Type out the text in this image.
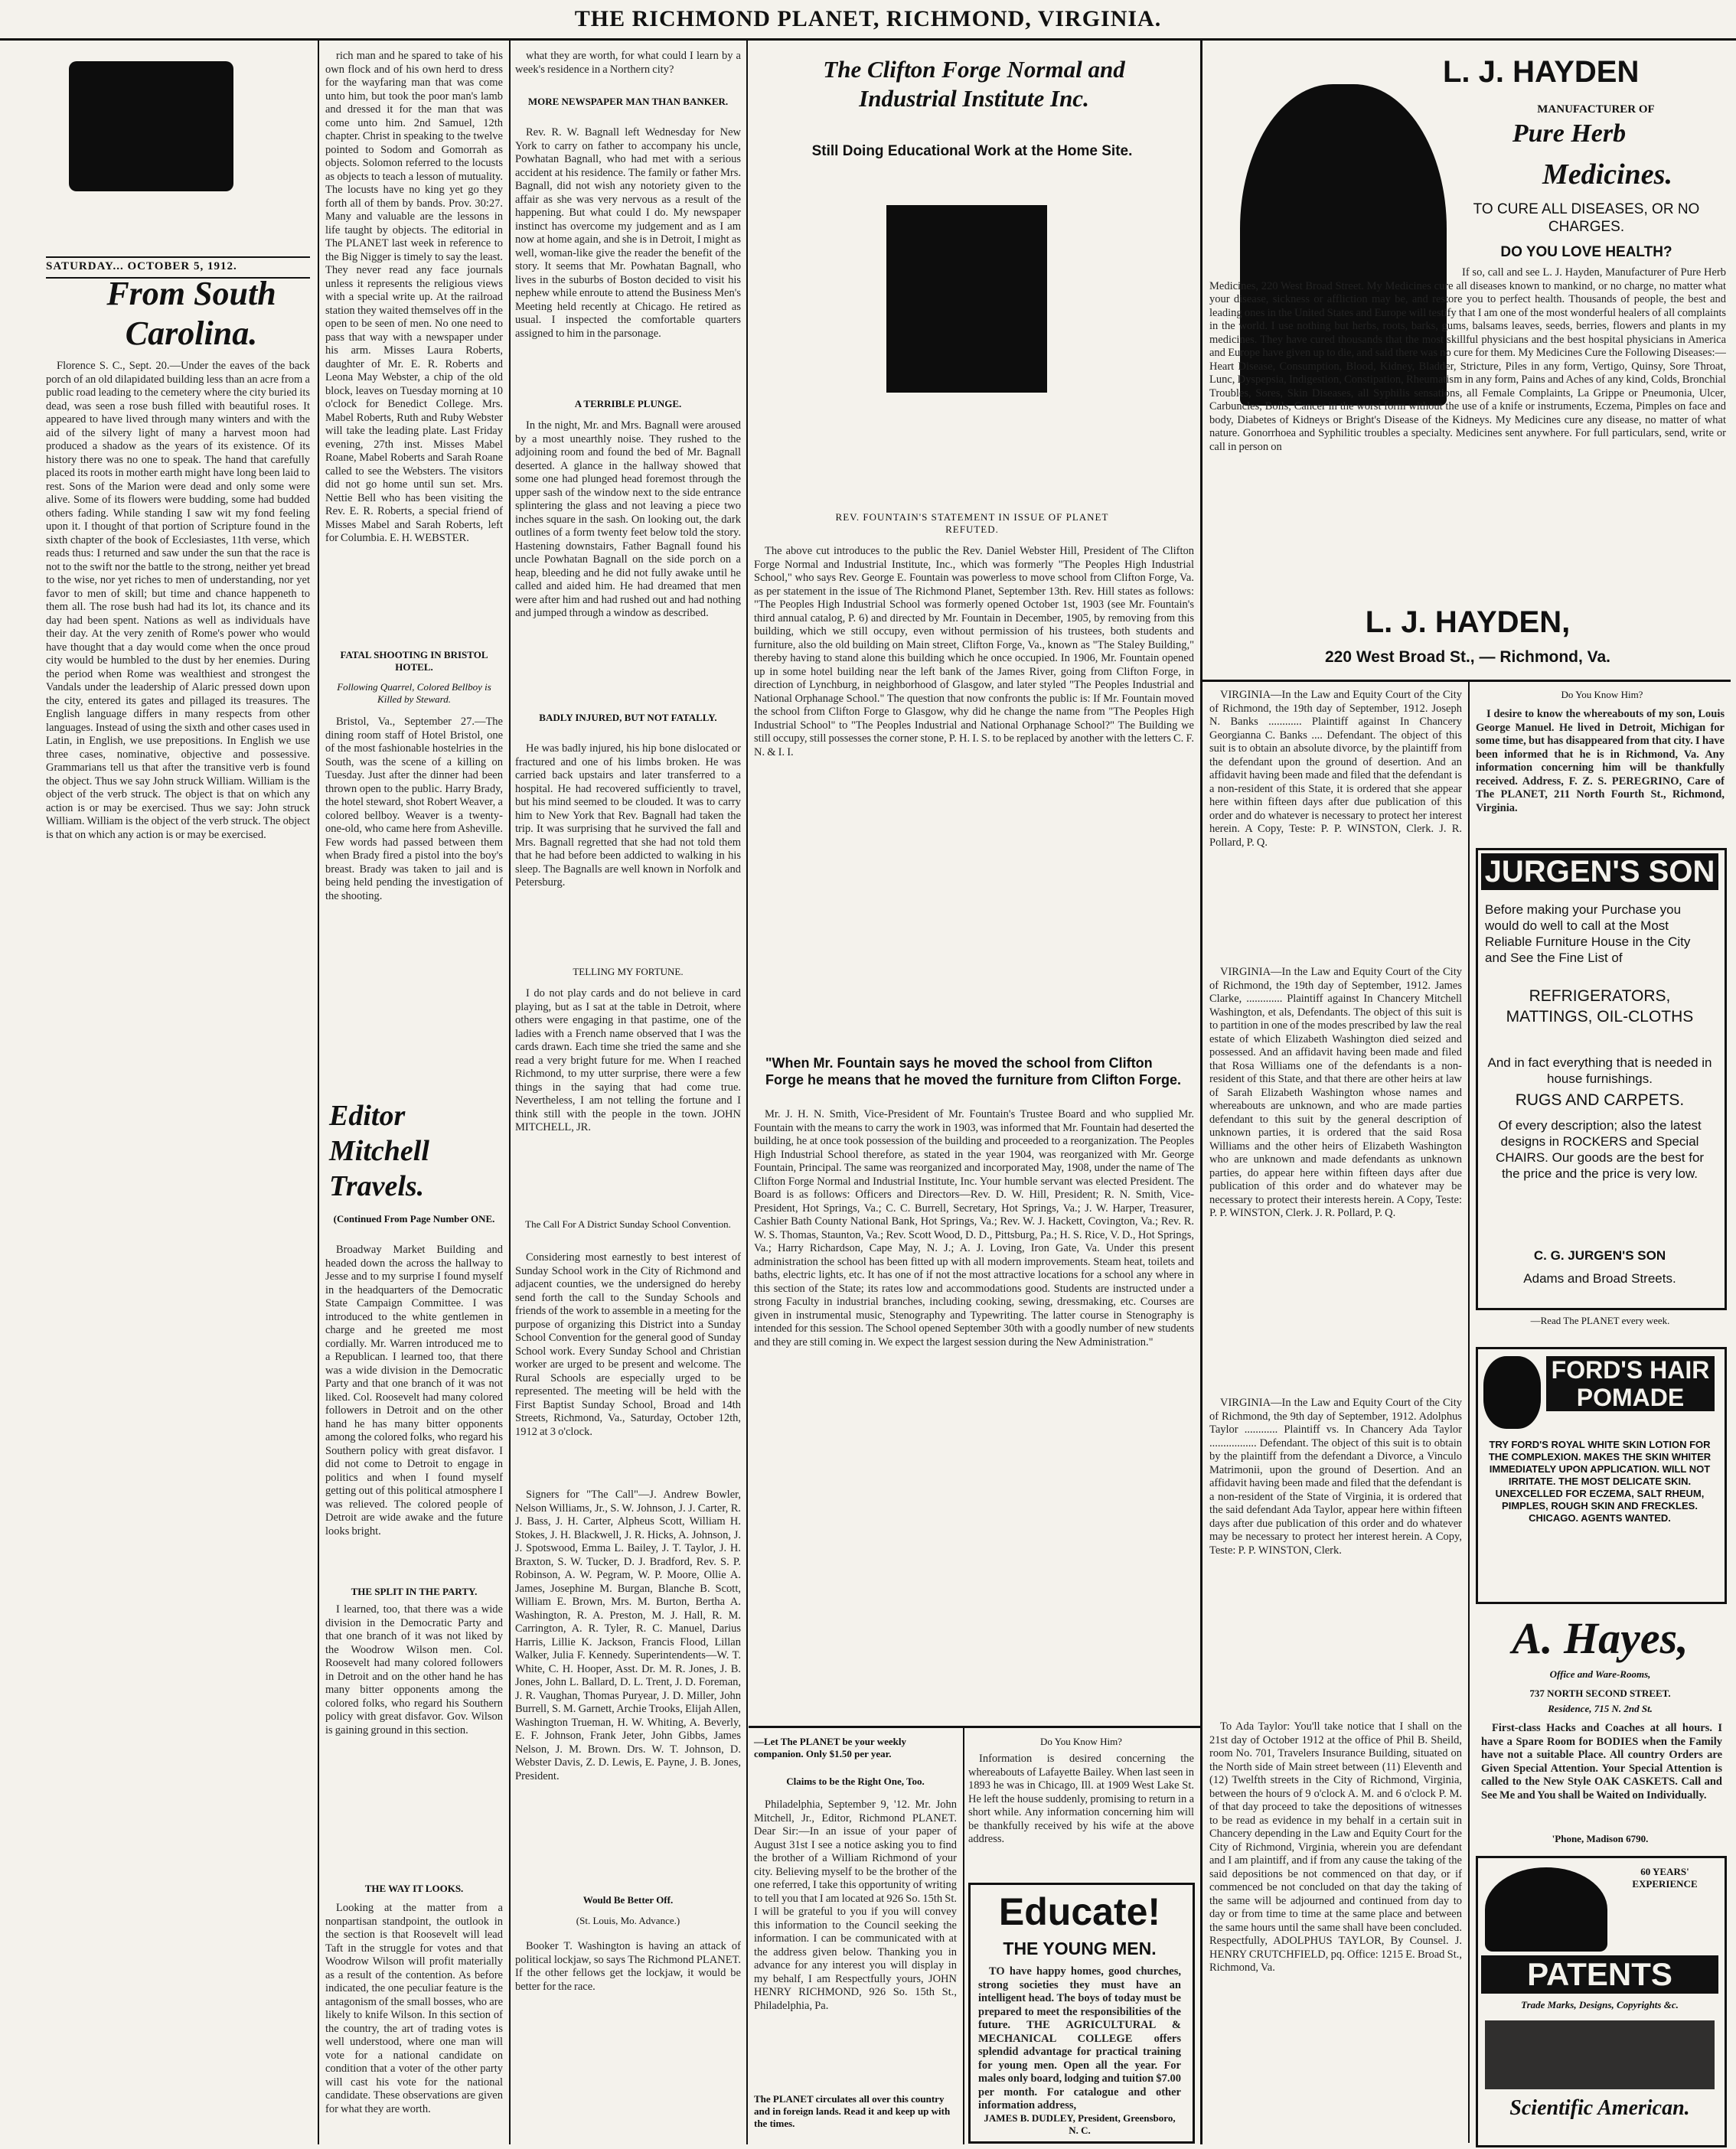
THE RICHMOND PLANET, RICHMOND, VIRGINIA.
SATURDAY... OCTOBER 5, 1912.
From South Carolina.

Florence S. C., Sept. 20.—Under the eaves of the back porch of an old dilapidated building less than an acre from a public road leading to the cemetery where the city buried its dead, was seen a rose bush filled with beautiful roses. It appeared to have lived through many winters and with the aid of the silvery light of many a harvest moon had produced a shadow as the years of its existence. Of its history there was no one to speak. The hand that carefully placed its roots in mother earth might have long been laid to rest. Sons of the Marion were dead and only some were alive. Some of its flowers were budding, some had budded others fading. While standing I saw wit my fond feeling upon it. I thought of that portion of Scripture found in the sixth chapter of the book of Ecclesiastes, 11th verse, which reads thus: I returned and saw under the sun that the race is not to the swift nor the battle to the strong, neither yet bread to the wise, nor yet riches to men of understanding, nor yet favor to men of skill; but time and chance happeneth to them all. The rose bush had had its lot, its chance and its day had been spent. Nations as well as individuals have their day. At the very zenith of Rome's power who would have thought that a day would come when the once proud city would be humbled to the dust by her enemies. During the period when Rome was wealthiest and strongest the Vandals under the leadership of Alaric pressed down upon the city, entered its gates and pillaged its treasures. The English language differs in many respects from other languages. Instead of using the sixth and other cases used in Latin, in English, we use prepositions. In English we use three cases, nominative, objective and possessive. Grammarians tell us that after the transitive verb is found the object. Thus we say John struck William. William is the object of the verb struck. The object is that on which any action is or may be exercised. Thus we say: John struck William. William is the object of the verb struck. The object is that on which any action is or may be exercised.

rich man and he spared to take of his own flock and of his own herd to dress for the wayfaring man that was come unto him, but took the poor man's lamb and dressed it for the man that was come unto him. 2nd Samuel, 12th chapter. Christ in speaking to the twelve pointed to Sodom and Gomorrah as objects. Solomon referred to the locusts as objects to teach a lesson of mutuality. The locusts have no king yet go they forth all of them by bands. Prov. 30:27. Many and valuable are the lessons in life taught by objects. The editorial in The PLANET last week in reference to the Big Nigger is timely to say the least. They never read any face journals unless it represents the religious views with a special write up. At the railroad station they waited themselves off in the open to be seen of men. No one need to pass that way with a newspaper under his arm. Misses Laura Roberts, daughter of Mr. E. R. Roberts and Leona May Webster, a chip of the old block, leaves on Tuesday morning at 10 o'clock for Benedict College. Mrs. Mabel Roberts, Ruth and Ruby Webster will take the leading plate. Last Friday evening, 27th inst. Misses Mabel Roane, Mabel Roberts and Sarah Roane called to see the Websters. The visitors did not go home until sun set. Mrs. Nettie Bell who has been visiting the Rev. E. R. Roberts, a special friend of Misses Mabel and Sarah Roberts, left for Columbia. E. H. WEBSTER.

FATAL SHOOTING IN BRISTOL HOTEL.
Following Quarrel, Colored Bellboy is Killed by Steward.

Bristol, Va., September 27.—The dining room staff of Hotel Bristol, one of the most fashionable hostelries in the South, was the scene of a killing on Tuesday. Just after the dinner had been thrown open to the public. Harry Brady, the hotel steward, shot Robert Weaver, a colored bellboy. Weaver is a twenty-one-old, who came here from Asheville. Few words had passed between them when Brady fired a pistol into the boy's breast. Brady was taken to jail and is being held pending the investigation of the shooting.

Editor Mitchell Travels.
(Continued From Page Number ONE.

Broadway Market Building and headed down the across the hallway to Jesse and to my surprise I found myself in the headquarters of the Democratic State Campaign Committee. I was introduced to the white gentlemen in charge and he greeted me most cordially. Mr. Warren introduced me to a Republican. I learned too, that there was a wide division in the Democratic Party and that one branch of it was not liked. Col. Roosevelt had many colored followers in Detroit and on the other hand he has many bitter opponents among the colored folks, who regard his Southern policy with great disfavor. I did not come to Detroit to engage in politics and when I found myself getting out of this political atmosphere I was relieved. The colored people of Detroit are wide awake and the future looks bright.

THE SPLIT IN THE PARTY.

I learned, too, that there was a wide division in the Democratic Party and that one branch of it was not liked by the Woodrow Wilson men. Col. Roosevelt had many colored followers in Detroit and on the other hand he has many bitter opponents among the colored folks, who regard his Southern policy with great disfavor. Gov. Wilson is gaining ground in this section.

THE WAY IT LOOKS.

Looking at the matter from a nonpartisan standpoint, the outlook in the section is that Roosevelt will lead Taft in the struggle for votes and that Woodrow Wilson will profit materially as a result of the contention. As before indicated, the one peculiar feature is the antagonism of the small bosses, who are likely to knife Wilson. In this section of the country, the art of trading votes is well understood, where one man will vote for a national candidate on condition that a voter of the other party will cast his vote for the national candidate. These observations are given for what they are worth.

what they are worth, for what could I learn by a week's residence in a Northern city?

MORE NEWSPAPER MAN THAN BANKER.

Rev. R. W. Bagnall left Wednesday for New York to carry on father to accompany his uncle, Powhatan Bagnall, who had met with a serious accident at his residence. The family or father Mrs. Bagnall, did not wish any notoriety given to the affair as she was very nervous as a result of the happening. But what could I do. My newspaper instinct has overcome my judgement and as I am now at home again, and she is in Detroit, I might as well, woman-like give the reader the benefit of the story. It seems that Mr. Powhatan Bagnall, who lives in the suburbs of Boston decided to visit his nephew while enroute to attend the Business Men's Meeting held recently at Chicago. He retired as usual. I inspected the comfortable quarters assigned to him in the parsonage.

A TERRIBLE PLUNGE.

In the night, Mr. and Mrs. Bagnall were aroused by a most unearthly noise. They rushed to the adjoining room and found the bed of Mr. Bagnall deserted. A glance in the hallway showed that some one had plunged head foremost through the upper sash of the window next to the side entrance splintering the glass and not leaving a piece two inches square in the sash. On looking out, the dark outlines of a form twenty feet below told the story. Hastening downstairs, Father Bagnall found his uncle Powhatan Bagnall on the side porch on a heap, bleeding and he did not fully awake until he called and aided him. He had dreamed that men were after him and had rushed out and had nothing and jumped through a window as described.

BADLY INJURED, BUT NOT FATALLY.

He was badly injured, his hip bone dislocated or fractured and one of his limbs broken. He was carried back upstairs and later transferred to a hospital. He had recovered sufficiently to travel, but his mind seemed to be clouded. It was to carry him to New York that Rev. Bagnall had taken the trip. It was surprising that he survived the fall and Mrs. Bagnall regretted that she had not told them that he had before been addicted to walking in his sleep. The Bagnalls are well known in Norfolk and Petersburg.

TELLING MY FORTUNE.

I do not play cards and do not believe in card playing, but as I sat at the table in Detroit, where others were engaging in that pastime, one of the ladies with a French name observed that I was the cards drawn. Each time she tried the same and she read a very bright future for me. When I reached Richmond, to my utter surprise, there were a few things in the saying that had come true. Nevertheless, I am not telling the fortune and I think still with the people in the town. JOHN MITCHELL, JR.

The Call For A District Sunday School Convention.

Considering most earnestly to best interest of Sunday School work in the City of Richmond and adjacent counties, we the undersigned do hereby send forth the call to the Sunday Schools and friends of the work to assemble in a meeting for the purpose of organizing this District into a Sunday School Convention for the general good of Sunday School work. Every Sunday School and Christian worker are urged to be present and welcome. The Rural Schools are especially urged to be represented. The meeting will be held with the First Baptist Sunday School, Broad and 14th Streets, Richmond, Va., Saturday, October 12th, 1912 at 3 o'clock.

Signers for "The Call"—J. Andrew Bowler, Nelson Williams, Jr., S. W. Johnson, J. J. Carter, R. J. Bass, J. H. Carter, Alpheus Scott, William H. Stokes, J. H. Blackwell, J. R. Hicks, A. Johnson, J. J. Spotswood, Emma L. Bailey, J. T. Taylor, J. H. Braxton, S. W. Tucker, D. J. Bradford, Rev. S. P. Robinson, A. W. Pegram, W. P. Moore, Ollie A. James, Josephine M. Burgan, Blanche B. Scott, William E. Brown, Mrs. M. Burton, Bertha A. Washington, R. A. Preston, M. J. Hall, R. M. Carrington, A. R. Tyler, R. C. Manuel, Darius Harris, Lillie K. Jackson, Francis Flood, Lillan Walker, Julia F. Kennedy. Superintendents—W. T. White, C. H. Hooper, Asst. Dr. M. R. Jones, J. B. Jones, John L. Ballard, D. L. Trent, J. D. Foreman, J. R. Vaughan, Thomas Puryear, J. D. Miller, John Burrell, S. M. Garnett, Archie Trooks, Elijah Allen, Washington Trueman, H. W. Whiting, A. Beverly, E. F. Johnson, Frank Jeter, John Gibbs, James Nelson, J. M. Brown. Drs. W. T. Johnson, D. Webster Davis, Z. D. Lewis, E. Payne, J. B. Jones, President.

Would Be Better Off.
(St. Louis, Mo. Advance.)

Booker T. Washington is having an attack of political lockjaw, so says The Richmond PLANET. If the other fellows get the lockjaw, it would be better for the race.

The Clifton Forge Normal and
Industrial Institute Inc.
Still Doing Educational Work at the Home Site.
REV. FOUNTAIN'S STATEMENT IN ISSUE OF PLANET REFUTED.

The above cut introduces to the public the Rev. Daniel Webster Hill, President of The Clifton Forge Normal and Industrial Institute, Inc., which was formerly "The Peoples High Industrial School," who says Rev. George E. Fountain was powerless to move school from Clifton Forge, Va. as per statement in the issue of The Richmond Planet, September 13th. Rev. Hill states as follows: "The Peoples High Industrial School was formerly opened October 1st, 1903 (see Mr. Fountain's third annual catalog, P. 6) and directed by Mr. Fountain in December, 1905, by removing from this building, which we still occupy, even without permission of his trustees, both students and furniture, also the old building on Main street, Clifton Forge, Va., known as "The Staley Building," thereby having to stand alone this building which he once occupied. In 1906, Mr. Fountain opened up in some hotel building near the left bank of the James River, going from Clifton Forge, in direction of Lynchburg, in neighborhood of Glasgow, and later styled "The Peoples Industrial and National Orphanage School." The question that now confronts the public is: If Mr. Fountain moved the school from Clifton Forge to Glasgow, why did he change the name from "The Peoples High Industrial School" to "The Peoples Industrial and National Orphanage School?" The Building we still occupy, still possesses the corner stone, P. H. I. S. to be replaced by another with the letters C. F. N. & I. I.

"When Mr. Fountain says he moved the school from Clifton Forge he means that he moved the furniture from Clifton Forge.

Mr. J. H. N. Smith, Vice-President of Mr. Fountain's Trustee Board and who supplied Mr. Fountain with the means to carry the work in 1903, was informed that Mr. Fountain had deserted the building, he at once took possession of the building and proceeded to a reorganization. The Peoples High Industrial School therefore, as stated in the year 1904, was reorganized with Mr. George Fountain, Principal. The same was reorganized and incorporated May, 1908, under the name of The Clifton Forge Normal and Industrial Institute, Inc. Your humble servant was elected President. The Board is as follows: Officers and Directors—Rev. D. W. Hill, President; R. N. Smith, Vice-President, Hot Springs, Va.; C. C. Burrell, Secretary, Hot Springs, Va.; J. W. Harper, Treasurer, Cashier Bath County National Bank, Hot Springs, Va.; Rev. W. J. Hackett, Covington, Va.; Rev. R. W. S. Thomas, Staunton, Va.; Rev. Scott Wood, D. D., Pittsburg, Pa.; H. S. Rice, V. D., Hot Springs, Va.; Harry Richardson, Cape May, N. J.; A. J. Loving, Iron Gate, Va. Under this present administration the school has been fitted up with all modern improvements. Steam heat, toilets and baths, electric lights, etc. It has one of if not the most attractive locations for a school any where in this section of the State; its rates low and accommodations good. Students are instructed under a strong Faculty in industrial branches, including cooking, sewing, dressmaking, etc. Courses are given in instrumental music, Stenography and Typewriting. The latter course in Stenography is intended for this session. The School opened September 30th with a goodly number of new students and they are still coming in. We expect the largest session during the New Administration."

—Let The PLANET be your weekly companion. Only $1.50 per year.
Claims to be the Right One, Too.

Philadelphia, September 9, '12. Mr. John Mitchell, Jr., Editor, Richmond PLANET. Dear Sir:—In an issue of your paper of August 31st I see a notice asking you to find the brother of a William Richmond of your city. Believing myself to be the brother of the one referred, I take this opportunity of writing to tell you that I am located at 926 So. 15th St. I will be grateful to you if you will convey this information to the Council seeking the information. I can be communicated with at the address given below. Thanking you in advance for any interest you will display in my behalf, I am Respectfully yours, JOHN HENRY RICHMOND, 926 So. 15th St., Philadelphia, Pa.

The PLANET circulates all over this country and in foreign lands. Read it and keep up with the times.
Do You Know Him?

Information is desired concerning the whereabouts of Lafayette Bailey. When last seen in 1893 he was in Chicago, Ill. at 1909 West Lake St. He left the house suddenly, promising to return in a short while. Any information concerning him will be thankfully received by his wife at the above address.

Educate!
THE YOUNG MEN.

TO have happy homes, good churches, strong societies they must have an intelligent head. The boys of today must be prepared to meet the responsibilities of the future. THE AGRICULTURAL & MECHANICAL COLLEGE offers splendid advantage for practical training for young men. Open all the year. For males only board, lodging and tuition $7.00 per month. For catalogue and other information address,

JAMES B. DUDLEY, President, Greensboro, N. C.
L. J. HAYDEN
MANUFACTURER OF
Pure Herb
Medicines.
TO CURE ALL DISEASES, OR NO CHARGES.
DO YOU LOVE HEALTH?

If so, call and see L. J. Hayden, Manufacturer of Pure Herb Medicines, 220 West Broad Street. My Medicines cure all diseases known to mankind, or no charge, no matter what your disease, sickness or affliction may be, and restore you to perfect health. Thousands of people, the best and leading ones in the United States and Europe will testify that I am one of the most wonderful healers of all complaints in the world. I use nothing but herbs, roots, barks, gums, balsams leaves, seeds, berries, flowers and plants in my medicines. They have cured thousands that the most skillful physicians and the best hospital physicians in America and Europe have given up to die, and said there was no cure for them. My Medicines Cure the Following Diseases:—Heart Disease, Consumption, Blood, Kidney, Bladder, Stricture, Piles in any form, Vertigo, Quinsy, Sore Throat, Lunc, Dyspepsia, Indigestion, Constipation, Rheumatism in any form, Pains and Aches of any kind, Colds, Bronchial Troubles, Sores, Skin Diseases, all Syphilis sensations, all Female Complaints, La Grippe or Pneumonia, Ulcer, Carbuncles, Boils, Cancer in the worst form without the use of a knife or instruments, Eczema, Pimples on face and body, Diabetes of Kidneys or Bright's Disease of the Kidneys. My Medicines cure any disease, no matter of what nature. Gonorrhoea and Syphilitic troubles a specialty. Medicines sent anywhere. For full particulars, send, write or call in person on

L. J. HAYDEN,
220 West Broad St., — Richmond, Va.

VIRGINIA—In the Law and Equity Court of the City of Richmond, the 19th day of September, 1912. Joseph N. Banks ............ Plaintiff against In Chancery Georgianna C. Banks .... Defendant. The object of this suit is to obtain an absolute divorce, by the plaintiff from the defendant upon the ground of desertion. And an affidavit having been made and filed that the defendant is a non-resident of this State, it is ordered that she appear here within fifteen days after due publication of this order and do whatever is necessary to protect her interest herein. A Copy, Teste: P. P. WINSTON, Clerk. J. R. Pollard, P. Q.

VIRGINIA—In the Law and Equity Court of the City of Richmond, the 19th day of September, 1912. James Clarke, ............. Plaintiff against In Chancery Mitchell Washington, et als, Defendants. The object of this suit is to partition in one of the modes prescribed by law the real estate of which Elizabeth Washington died seized and possessed. And an affidavit having been made and filed that Rosa Williams one of the defendants is a non-resident of this State, and that there are other heirs at law of Sarah Elizabeth Washington whose names and whereabouts are unknown, and who are made parties defendant to this suit by the general description of unknown parties, it is ordered that the said Rosa Williams and the other heirs of Elizabeth Washington who are unknown and made defendants as unknown parties, do appear here within fifteen days after due publication of this order and do whatever may be necessary to protect their interests herein. A Copy, Teste: P. P. WINSTON, Clerk. J. R. Pollard, P. Q.

VIRGINIA—In the Law and Equity Court of the City of Richmond, the 9th day of September, 1912. Adolphus Taylor ............ Plaintiff vs. In Chancery Ada Taylor ................. Defendant. The object of this suit is to obtain by the plaintiff from the defendant a Divorce, a Vinculo Matrimonii, upon the ground of Desertion. And an affidavit having been made and filed that the defendant is a non-resident of the State of Virginia, it is ordered that the said defendant Ada Taylor, appear here within fifteen days after due publication of this order and do whatever may be necessary to protect her interest herein. A Copy, Teste: P. P. WINSTON, Clerk.

To Ada Taylor: You'll take notice that I shall on the 21st day of October 1912 at the office of Phil B. Sheild, room No. 701, Travelers Insurance Building, situated on the North side of Main street between (11) Eleventh and (12) Twelfth streets in the City of Richmond, Virginia, between the hours of 9 o'clock A. M. and 6 o'clock P. M. of that day proceed to take the depositions of witnesses to be read as evidence in my behalf in a certain suit in Chancery depending in the Law and Equity Court for the City of Richmond, Virginia, wherein you are defendant and I am plaintiff, and if from any cause the taking of the said depositions be not commenced on that day, or if commenced be not concluded on that day the taking of the same will be adjourned and continued from day to day or from time to time at the same place and between the same hours until the same shall have been concluded. Respectfully, ADOLPHUS TAYLOR, By Counsel. J. HENRY CRUTCHFIELD, pq. Office: 1215 E. Broad St., Richmond, Va.

Do You Know Him?

I desire to know the whereabouts of my son, Louis George Manuel. He lived in Detroit, Michigan for some time, but has disappeared from that city. I have been informed that he is in Richmond, Va. Any information concerning him will be thankfully received. Address, F. Z. S. PEREGRINO, Care of The PLANET, 211 North Fourth St., Richmond, Virginia.

JURGEN'S SON
Before making your Purchase you would do well to call at the Most Reliable Furniture House in the City and See the Fine List of
REFRIGERATORS, MATTINGS, OIL-CLOTHS
And in fact everything that is needed in house furnishings.
RUGS AND CARPETS.
Of every description; also the latest designs in ROCKERS and Special CHAIRS. Our goods are the best for the price and the price is very low.
C. G. JURGEN'S SON
Adams and Broad Streets.
—Read The PLANET every week.
FORD'S HAIR POMADE
TRY FORD'S ROYAL WHITE SKIN LOTION FOR THE COMPLEXION. MAKES THE SKIN WHITER IMMEDIATELY UPON APPLICATION. WILL NOT IRRITATE. THE MOST DELICATE SKIN. UNEXCELLED FOR ECZEMA, SALT RHEUM, PIMPLES, ROUGH SKIN AND FRECKLES. CHICAGO. AGENTS WANTED.
A. Hayes,
Office and Ware-Rooms,
737 NORTH SECOND STREET.
Residence, 715 N. 2nd St.

First-class Hacks and Coaches at all hours. I have a Spare Room for BODIES when the Family have not a suitable Place. All country Orders are Given Special Attention. Your Special Attention is called to the New Style OAK CASKETS. Call and See Me and You shall be Waited on Individually.

'Phone, Madison 6790.
60 YEARS' EXPERIENCE
PATENTS
Trade Marks, Designs, Copyrights &c.
Scientific American.
